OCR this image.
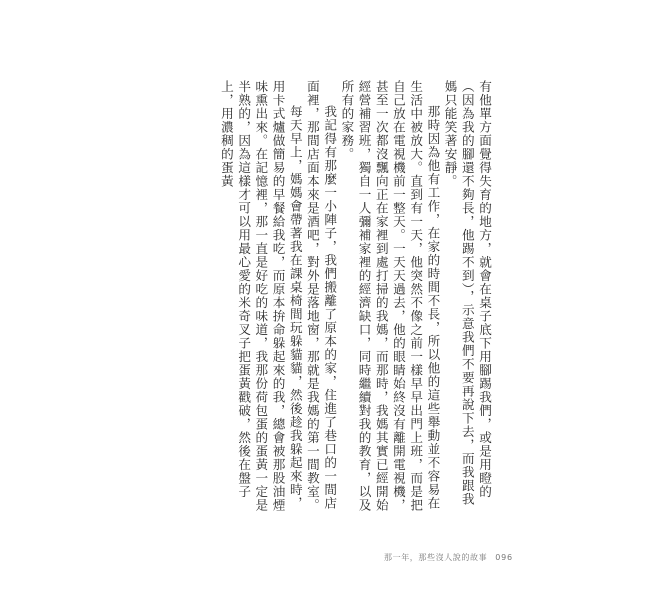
有他單方面覺得失育的地方，就會在桌子底下用腳踢我們，或是用瞪的（因為我的腳還不夠長，他踢不到），示意我們不要再說下去，而我跟我媽只能笑著安靜。

那時因為他有工作，在家的時間不長，所以他的這些舉動並不容易在生活中被放大。直到有一天，他突然不像之前一樣早早出門上班，而是把自己放在電視機前一整天。一天天過去，他的眼睛始終沒有離開電視機，甚至一次都沒飄向正在家裡到處打掃的我媽，而那時，我媽其實已經開始經營補習班，獨自一人彌補家裡的經濟缺口，同時繼續對我的教育，以及所有的家務。

我記得有那麼一小陣子，我們搬離了原本的家，住進了巷口的一間店面裡，那間店面本來是酒吧，對外是落地窗，那就是我媽的第一間教室。

每天早上，媽媽會帶著我在課桌椅間玩躲貓貓，然後趁我躲起來時，用卡式爐做簡易的早餐給我吃，而原本拚命躲起來的我，總會被那股油煙味熏出來。在記憶裡，那一直是好吃的味道，我那份荷包蛋的蛋黃一定是半熟的，因為這樣才可以用最心愛的米奇叉子把蛋黃戳破，然後在盤子上，用濃稠的蛋黃

那一年，那些沒人說的故事 096
